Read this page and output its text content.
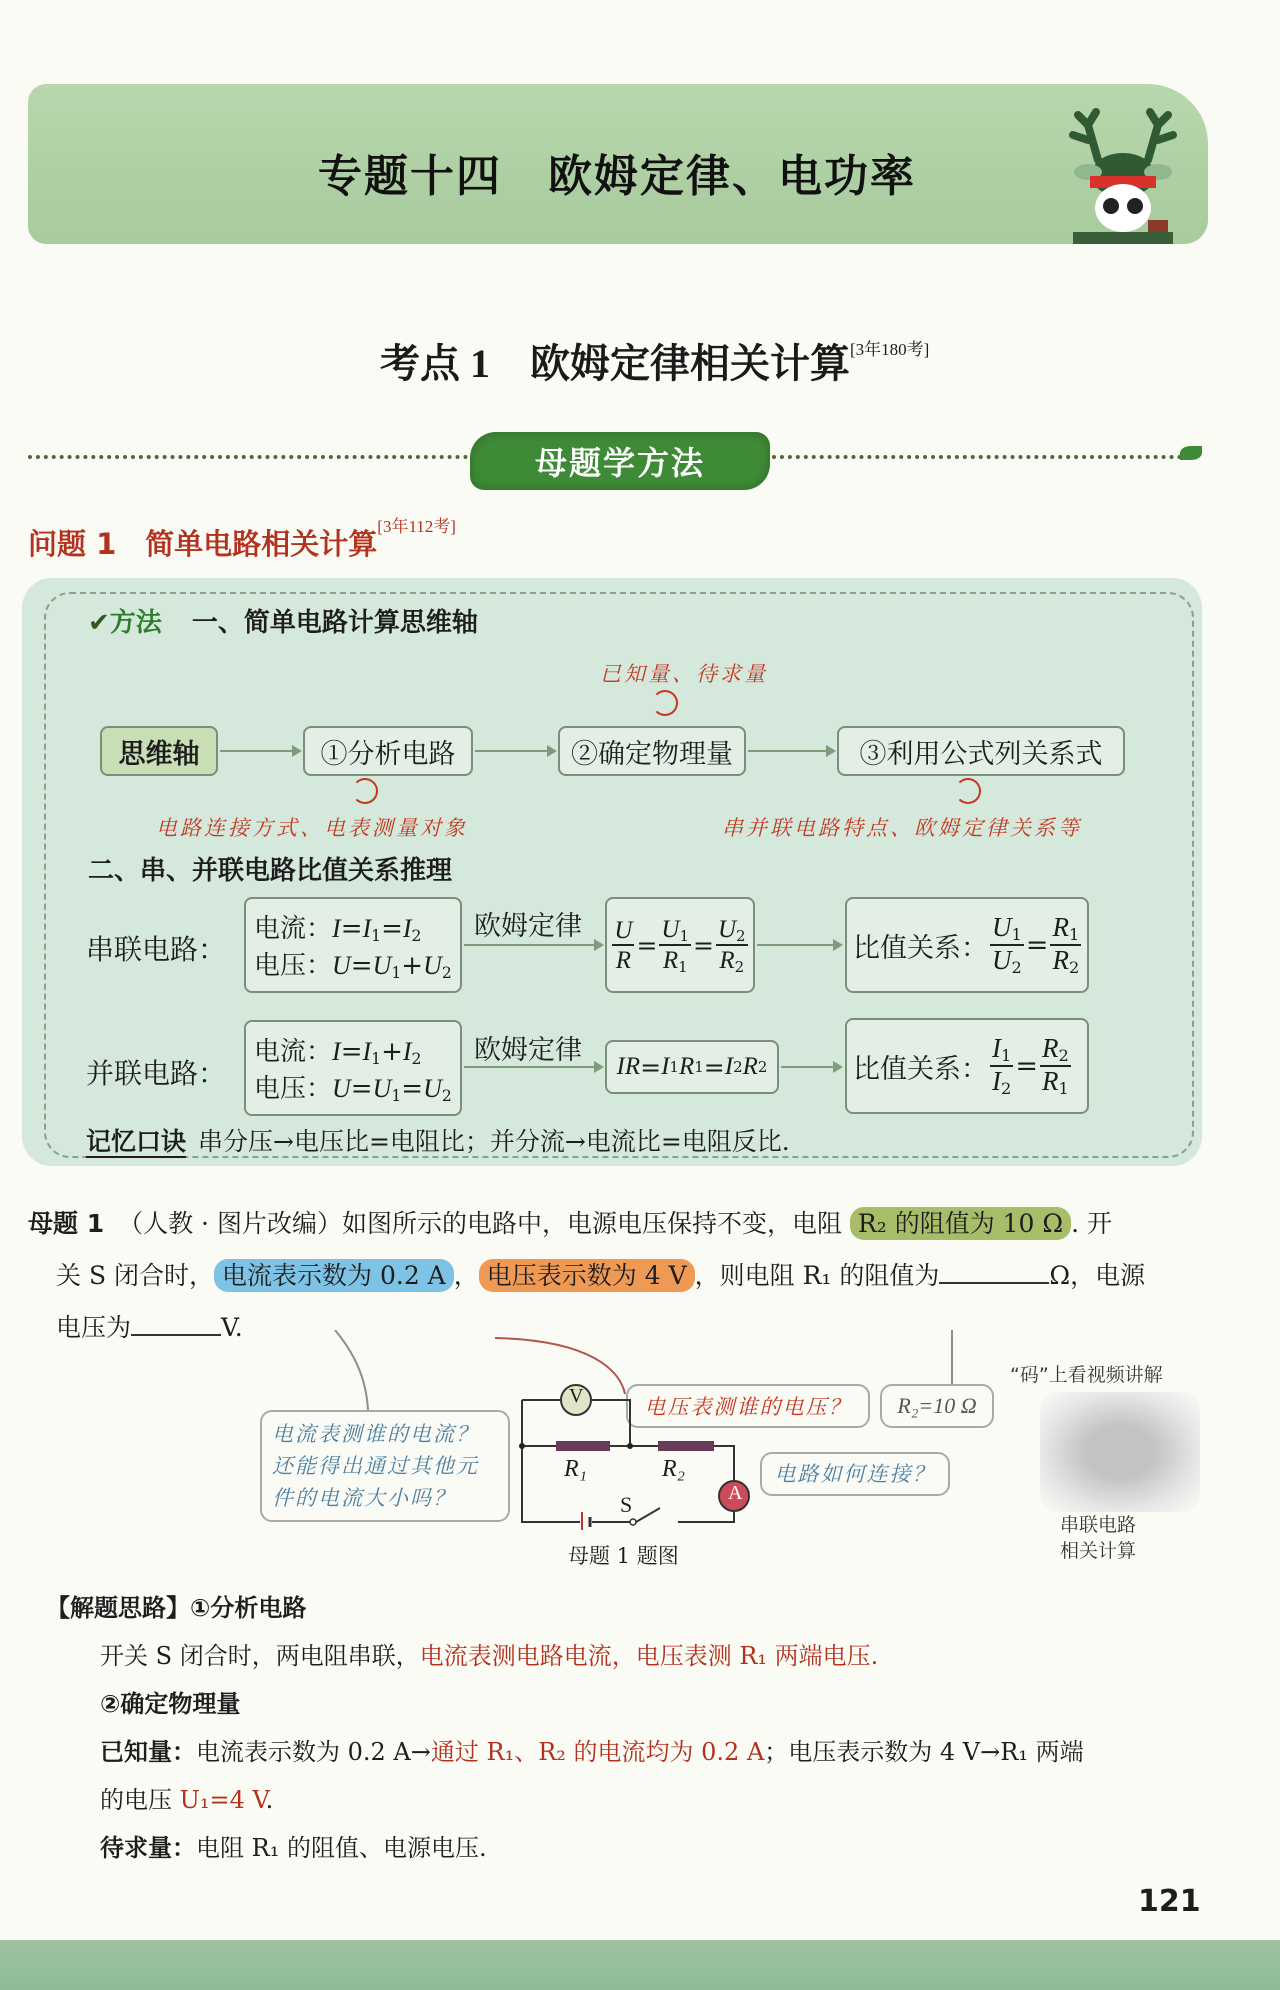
专题十四　欧姆定律、电功率
考点 1　欧姆定律相关计算[3年180考]
母题学方法
问题 1　简单电路相关计算[3年112考]
✔方法 一、简单电路计算思维轴
思维轴	①分析电路	②确定物理量	③利用公式列关系式
已知量、待求量
电路连接方式、电表测量对象	串并联电路特点、欧姆定律关系等
二、串、并联电路比值关系推理
串联电路：
电流：$I=I_1=I_2$
电压：$U=U_1+U_2$
欧姆定律 $\frac{U}{R} = \frac{U_1}{R_1} = \frac{U_2}{R_2}$	比值关系： $\frac{U_1}{U_2} = \frac{R_1}{R_2}$
并联电路：
电流：$I=I_1+I_2$
电压：$U=U_1=U_2$
欧姆定律
IR = I 1 R 1 = I 2 R 2	比值关系： $\frac{I_1}{I_2} = \frac{R_2}{R_1}$
记忆口诀 串分压→电压比=电阻比；并分流→电流比=电阻反比.
母题 1 （人教 · 图片改编）如图所示的电路中，电源电压保持不变，电阻 R₂ 的阻值为 10 Ω . 开
关 S 闭合时， 电流表示数为 0.2 A ， 电压表示数为 4 V ，则电阻 R₁ 的阻值为	Ω，电源
电压为	V.
电流表测谁的电流？还能得出通过其他元件的电流大小吗？
电压表测谁的电压？	R₂=10 Ω
电路如何连接？
V
A
R₁	R₂
S
母题 1 题图
“码”上看视频讲解
串联电路
相关计算
【解题思路】①分析电路
开关 S 闭合时，两电阻串联，电流表测电路电流，电压表测 R₁ 两端电压.
②确定物理量
已知量：电流表示数为 0.2 A→通过 R₁、R₂ 的电流均为 0.2 A；电压表示数为 4 V→R₁ 两端
的电压 U₁=4 V.
待求量：电阻 R₁ 的阻值、电源电压.
121
